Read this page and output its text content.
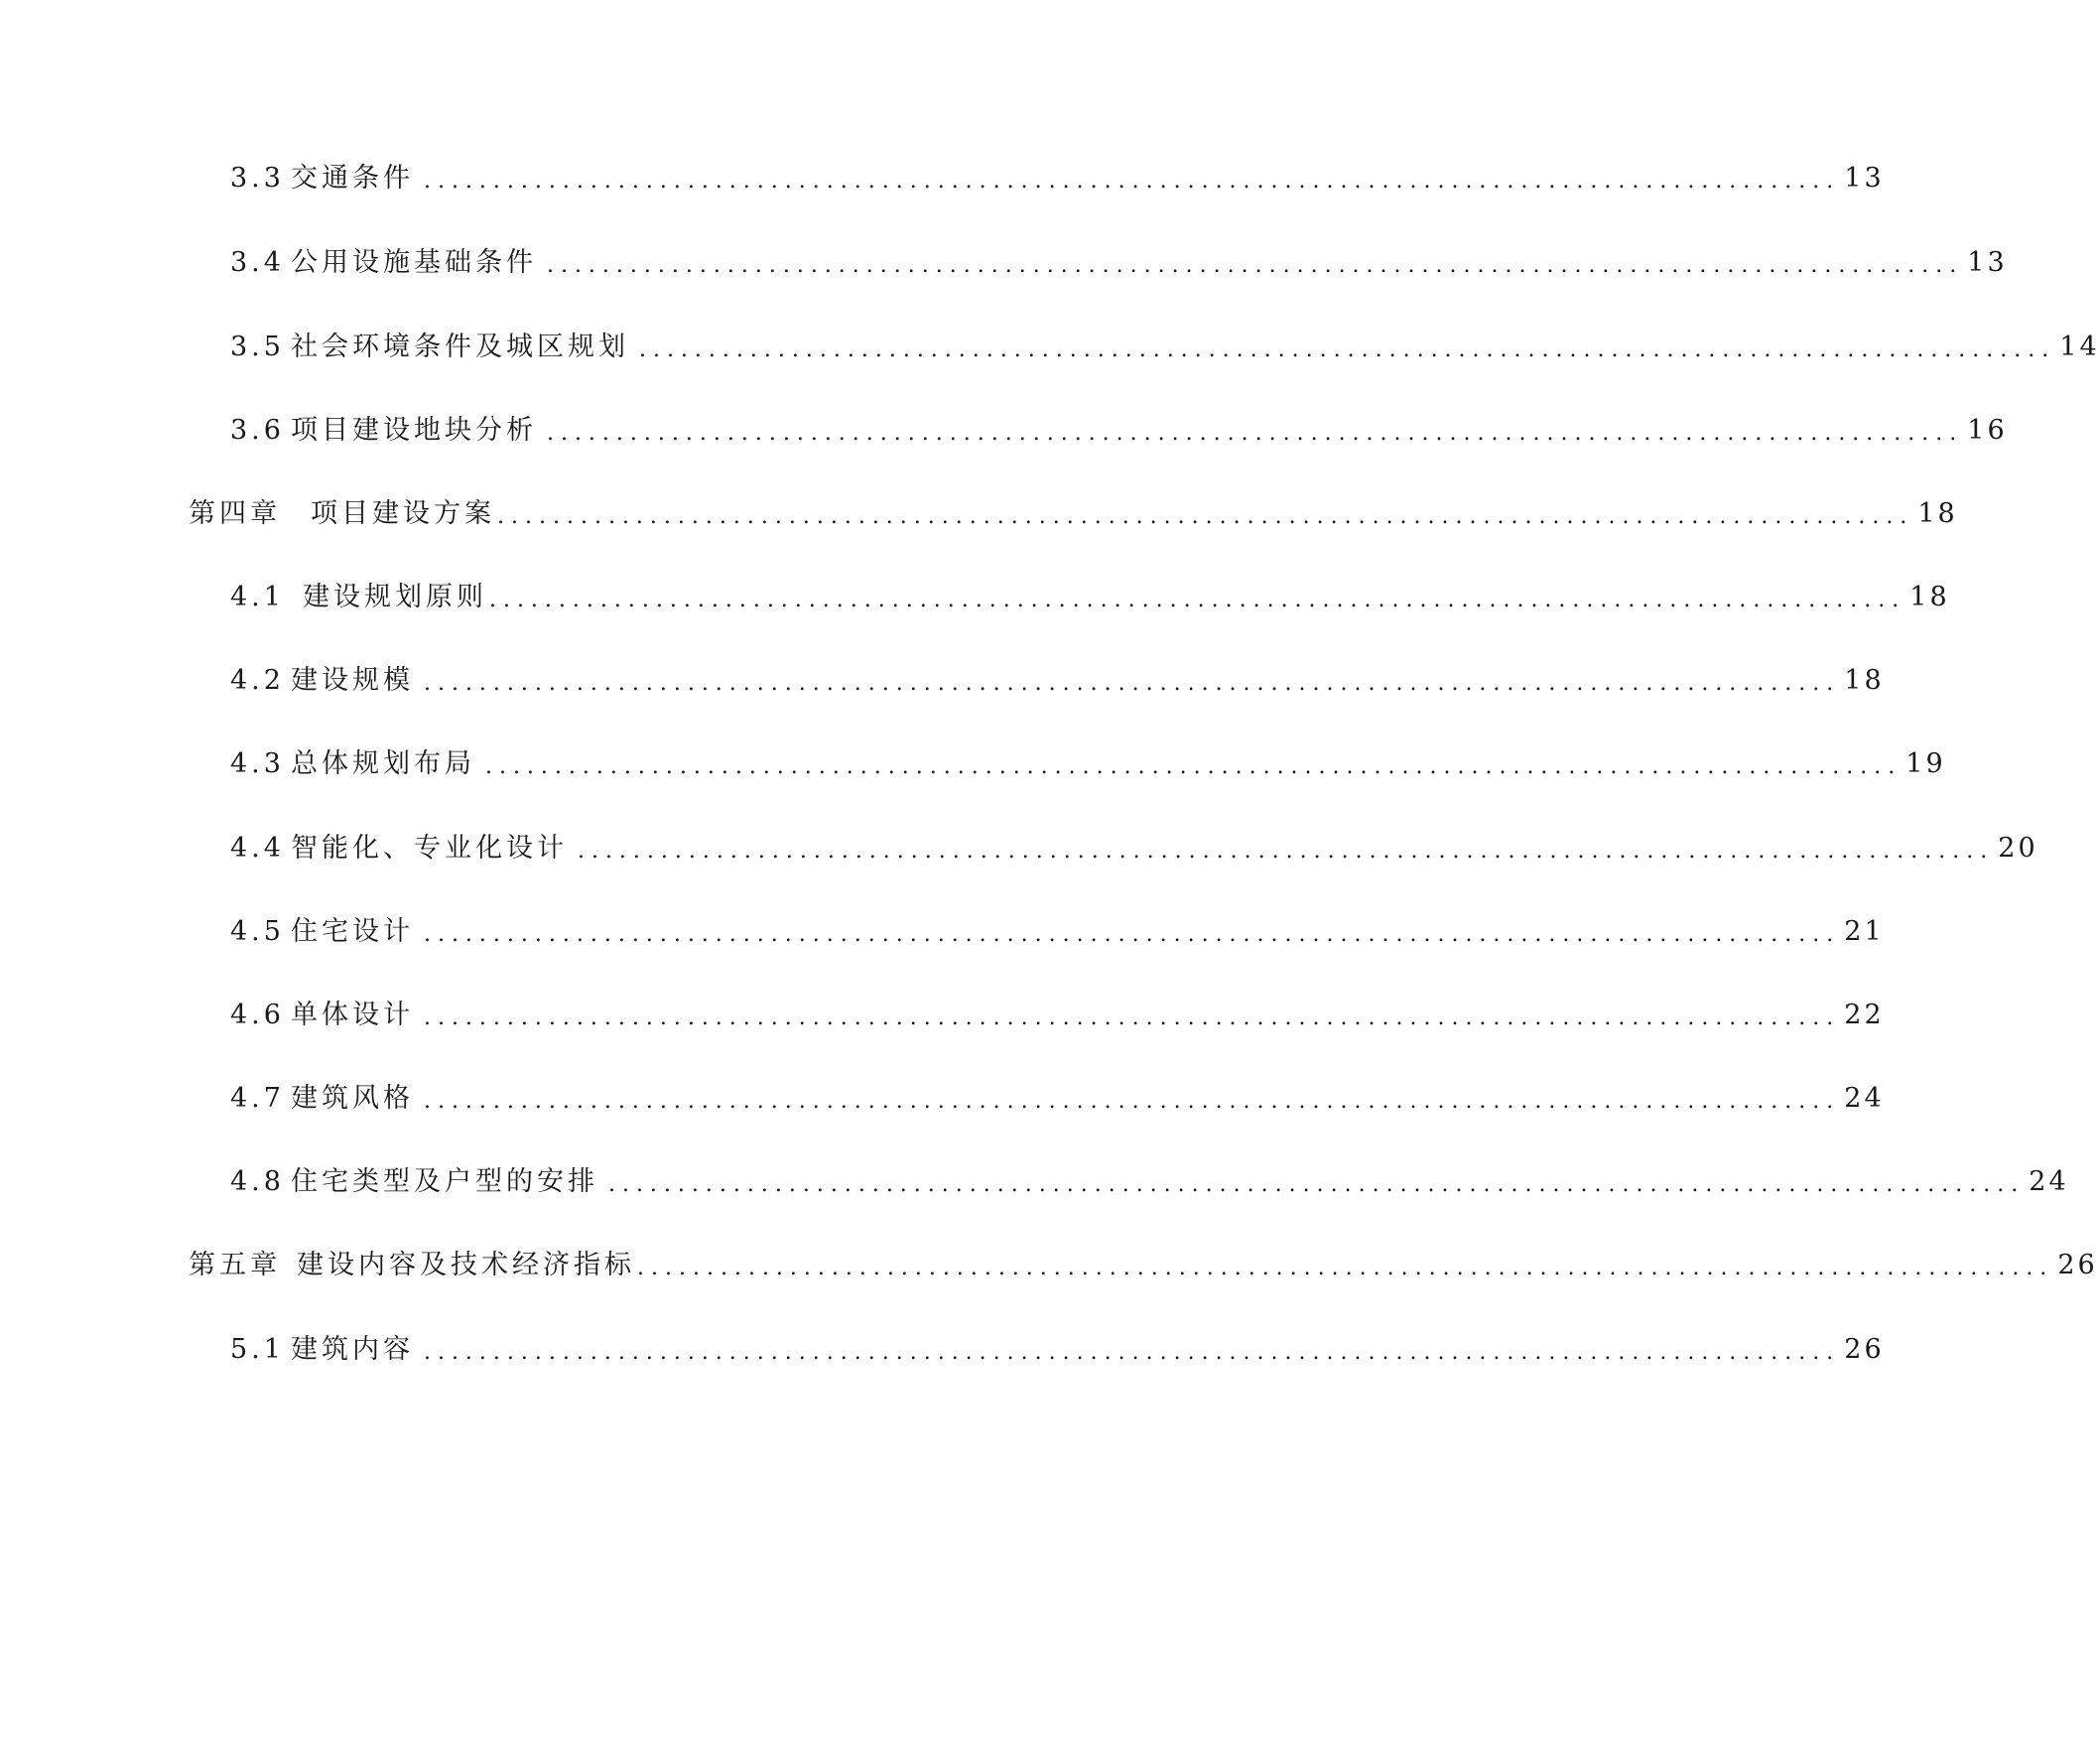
3.3 交通条件 ...................................................................................................... 13
3.4 公用设施基础条件 ...................................................................................................... 13
3.5 社会环境条件及城区规划 ...................................................................................................... 14
3.6 项目建设地块分析 ...................................................................................................... 16
第四章 项目建设方案 ...................................................................................................... 18
4.1 建设规划原则 ...................................................................................................... 18
4.2 建设规模 ...................................................................................................... 18
4.3 总体规划布局 ...................................................................................................... 19
4.4 智能化、专业化设计 ...................................................................................................... 20
4.5 住宅设计 ...................................................................................................... 21
4.6 单体设计 ...................................................................................................... 22
4.7 建筑风格 ...................................................................................................... 24
4.8 住宅类型及户型的安排 ...................................................................................................... 24
第五章 建设内容及技术经济指标 ...................................................................................................... 26
5.1 建筑内容 ...................................................................................................... 26
